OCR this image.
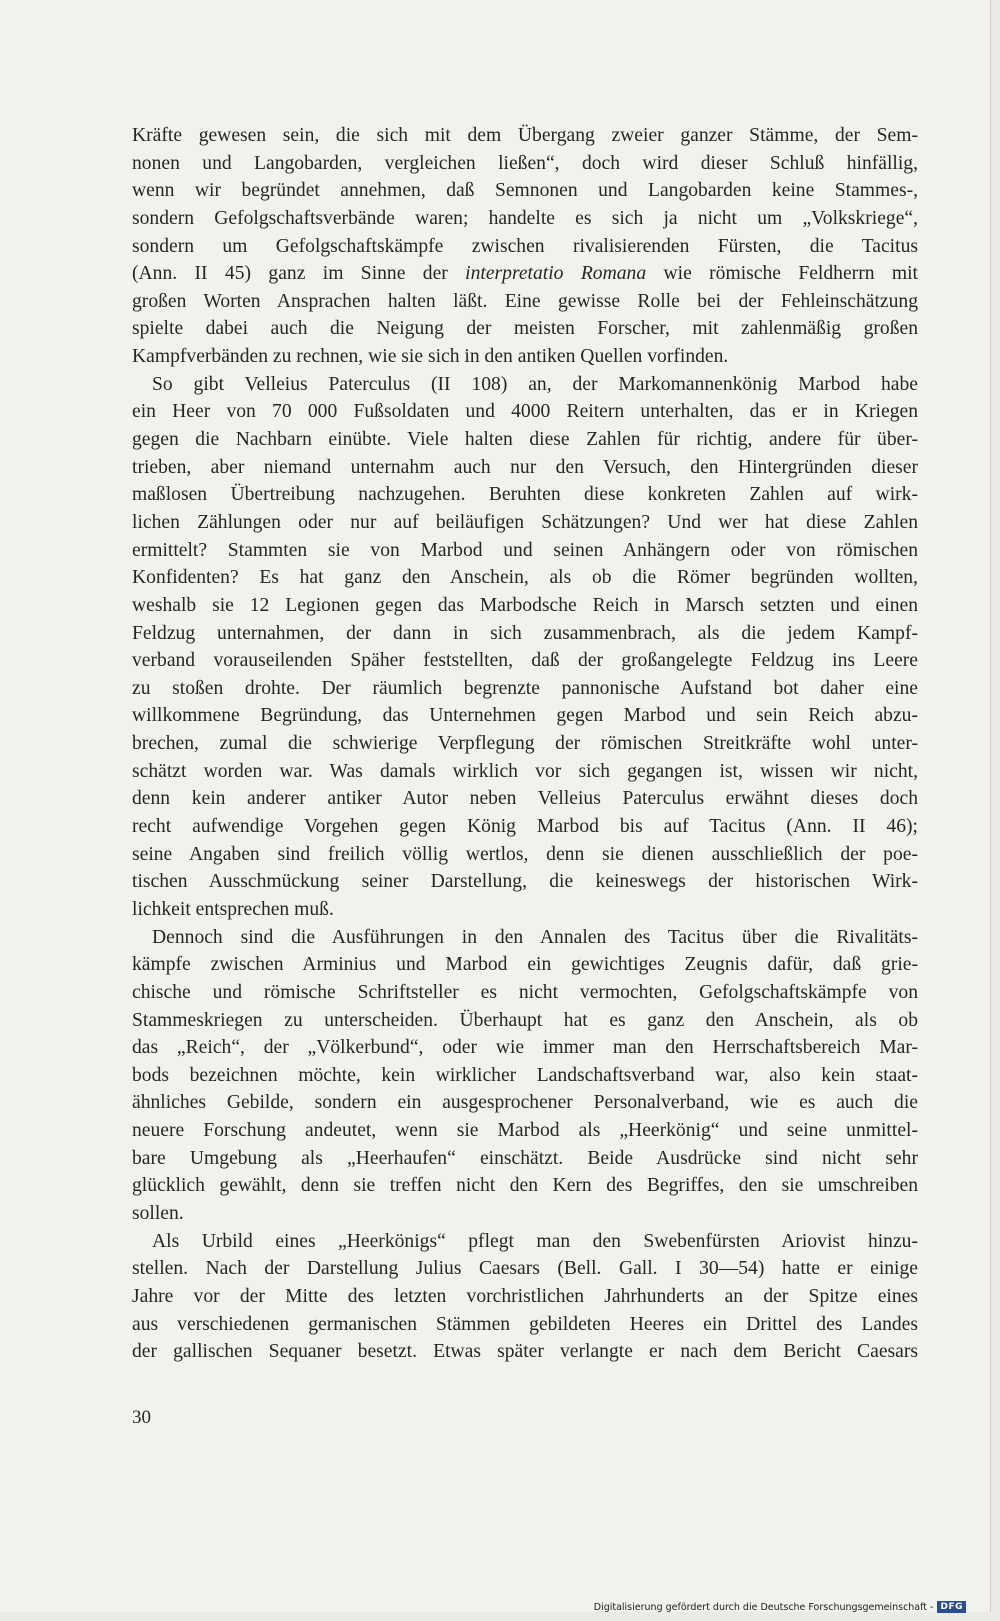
Kräfte gewesen sein, die sich mit dem Übergang zweier ganzer Stämme, der Sem-
nonen und Langobarden, vergleichen ließen“, doch wird dieser Schluß hinfällig,
wenn wir begründet annehmen, daß Semnonen und Langobarden keine Stammes-,
sondern Gefolgschaftsverbände waren; handelte es sich ja nicht um „Volkskriege“,
sondern um Gefolgschaftskämpfe zwischen rivalisierenden Fürsten, die Tacitus
(Ann. II 45) ganz im Sinne der interpretatio Romana wie römische Feldherrn mit
großen Worten Ansprachen halten läßt. Eine gewisse Rolle bei der Fehleinschätzung
spielte dabei auch die Neigung der meisten Forscher, mit zahlenmäßig großen
Kampfverbänden zu rechnen, wie sie sich in den antiken Quellen vorfinden.
So gibt Velleius Paterculus (II 108) an, der Markomannenkönig Marbod habe
ein Heer von 70 000 Fußsoldaten und 4000 Reitern unterhalten, das er in Kriegen
gegen die Nachbarn einübte. Viele halten diese Zahlen für richtig, andere für über-
trieben, aber niemand unternahm auch nur den Versuch, den Hintergründen dieser
maßlosen Übertreibung nachzugehen. Beruhten diese konkreten Zahlen auf wirk-
lichen Zählungen oder nur auf beiläufigen Schätzungen? Und wer hat diese Zahlen
ermittelt? Stammten sie von Marbod und seinen Anhängern oder von römischen
Konfidenten? Es hat ganz den Anschein, als ob die Römer begründen wollten,
weshalb sie 12 Legionen gegen das Marbodsche Reich in Marsch setzten und einen
Feldzug unternahmen, der dann in sich zusammenbrach, als die jedem Kampf-
verband vorauseilenden Späher feststellten, daß der großangelegte Feldzug ins Leere
zu stoßen drohte. Der räumlich begrenzte pannonische Aufstand bot daher eine
willkommene Begründung, das Unternehmen gegen Marbod und sein Reich abzu-
brechen, zumal die schwierige Verpflegung der römischen Streitkräfte wohl unter-
schätzt worden war. Was damals wirklich vor sich gegangen ist, wissen wir nicht,
denn kein anderer antiker Autor neben Velleius Paterculus erwähnt dieses doch
recht aufwendige Vorgehen gegen König Marbod bis auf Tacitus (Ann. II 46);
seine Angaben sind freilich völlig wertlos, denn sie dienen ausschließlich der poe-
tischen Ausschmückung seiner Darstellung, die keineswegs der historischen Wirk-
lichkeit entsprechen muß.
Dennoch sind die Ausführungen in den Annalen des Tacitus über die Rivalitäts-
kämpfe zwischen Arminius und Marbod ein gewichtiges Zeugnis dafür, daß grie-
chische und römische Schriftsteller es nicht vermochten, Gefolgschaftskämpfe von
Stammeskriegen zu unterscheiden. Überhaupt hat es ganz den Anschein, als ob
das „Reich“, der „Völkerbund“, oder wie immer man den Herrschaftsbereich Mar-
bods bezeichnen möchte, kein wirklicher Landschaftsverband war, also kein staat-
ähnliches Gebilde, sondern ein ausgesprochener Personalverband, wie es auch die
neuere Forschung andeutet, wenn sie Marbod als „Heerkönig“ und seine unmittel-
bare Umgebung als „Heerhaufen“ einschätzt. Beide Ausdrücke sind nicht sehr
glücklich gewählt, denn sie treffen nicht den Kern des Begriffes, den sie umschreiben
sollen.
Als Urbild eines „Heerkönigs“ pflegt man den Swebenfürsten Ariovist hinzu-
stellen. Nach der Darstellung Julius Caesars (Bell. Gall. I 30—54) hatte er einige
Jahre vor der Mitte des letzten vorchristlichen Jahrhunderts an der Spitze eines
aus verschiedenen germanischen Stämmen gebildeten Heeres ein Drittel des Landes
der gallischen Sequaner besetzt. Etwas später verlangte er nach dem Bericht Caesars
30
Digitalisierung gefördert durch die Deutsche Forschungsgemeinschaft - DFG
